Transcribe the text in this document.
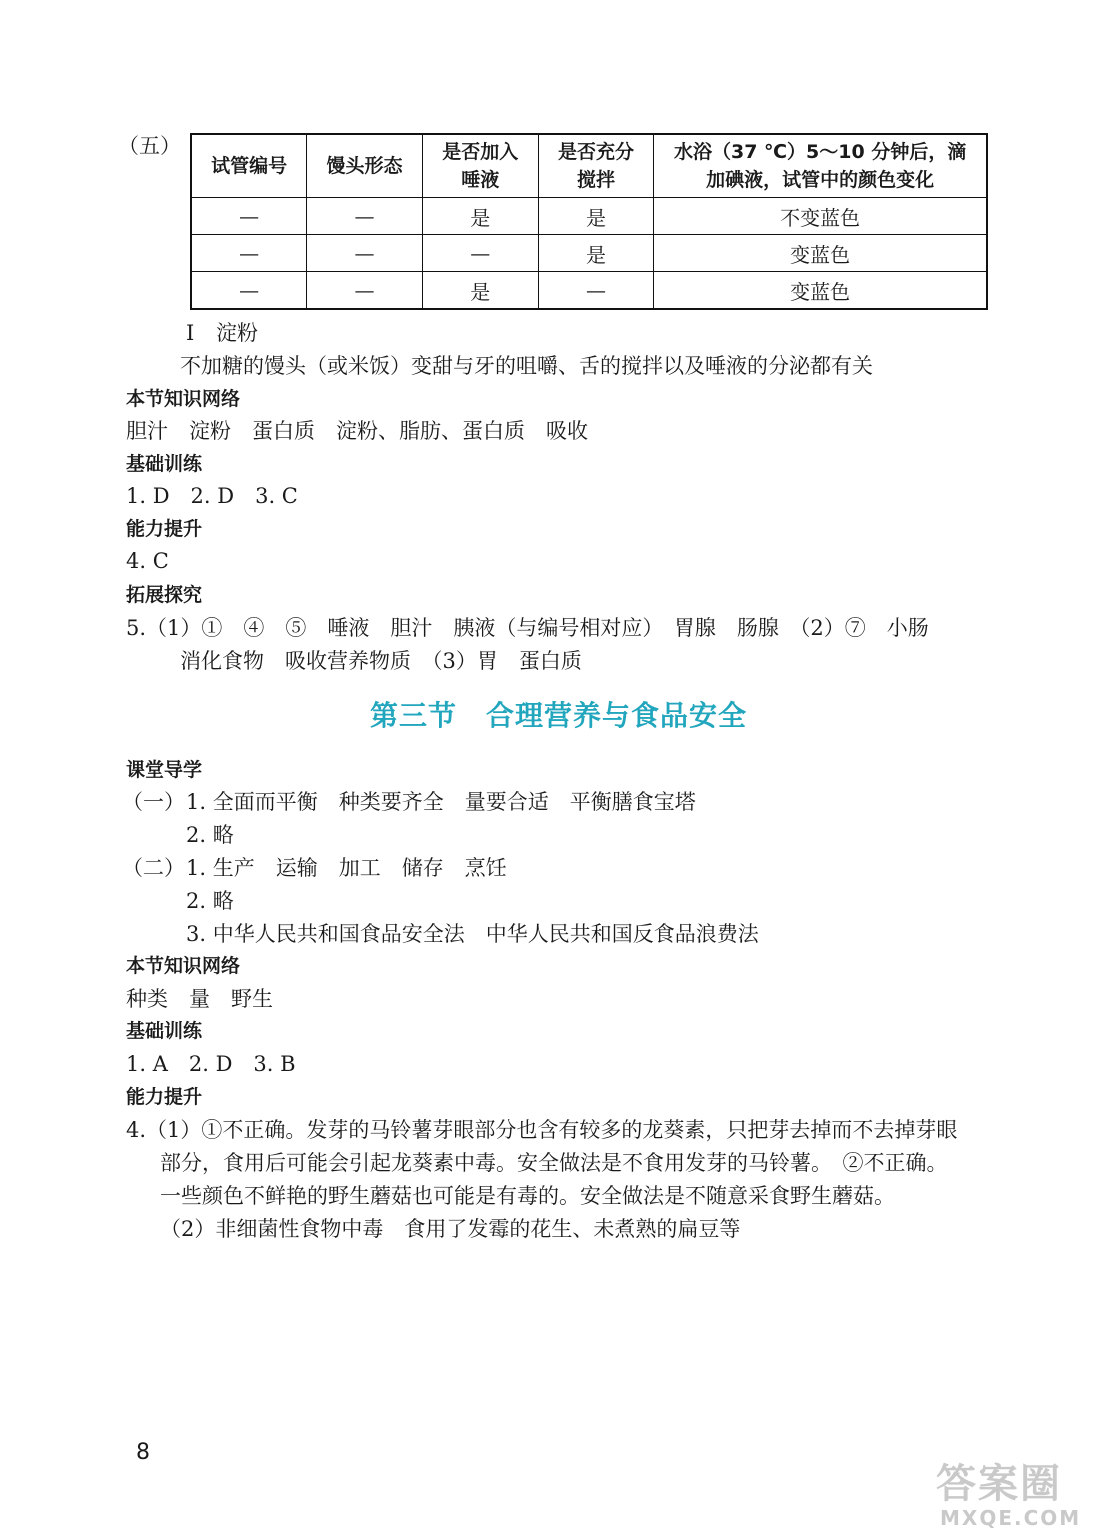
（五）
试管编号	馒头形态	是否加入唾液	是否充分搅拌	水浴（37 ℃）5～10 分钟后，滴加碘液，试管中的颜色变化
—	—	是	是	不变蓝色
—	—	—	是	变蓝色
—	—	是	—	变蓝色
Ⅰ 淀粉
不加糖的馒头（或米饭）变甜与牙的咀嚼、舌的搅拌以及唾液的分泌都有关
本节知识网络
胆汁　淀粉　蛋白质　淀粉、脂肪、蛋白质　吸收
基础训练
1. D　2. D　3. C
能力提升
4. C
拓展探究
5.（1）①　④　⑤　唾液　胆汁　胰液（与编号相对应）　胃腺　肠腺　（2）⑦　小肠
消化食物　吸收营养物质　（3）胃　蛋白质
第三节　合理营养与食品安全
课堂导学
（一） 1. 全面而平衡　种类要齐全　量要合适　平衡膳食宝塔
2. 略
（二） 1. 生产　运输　加工　储存　烹饪
2. 略
3. 中华人民共和国食品安全法　中华人民共和国反食品浪费法
本节知识网络
种类　量　野生
基础训练
1. A　2. D　3. B
能力提升
4.（1）①不正确。发芽的马铃薯芽眼部分也含有较多的龙葵素，只把芽去掉而不去掉芽眼
部分，食用后可能会引起龙葵素中毒。安全做法是不食用发芽的马铃薯。　②不正确。
一些颜色不鲜艳的野生蘑菇也可能是有毒的。安全做法是不随意采食野生蘑菇。
（2）非细菌性食物中毒　食用了发霉的花生、未煮熟的扁豆等
8
答案圈
MXQE.COM
